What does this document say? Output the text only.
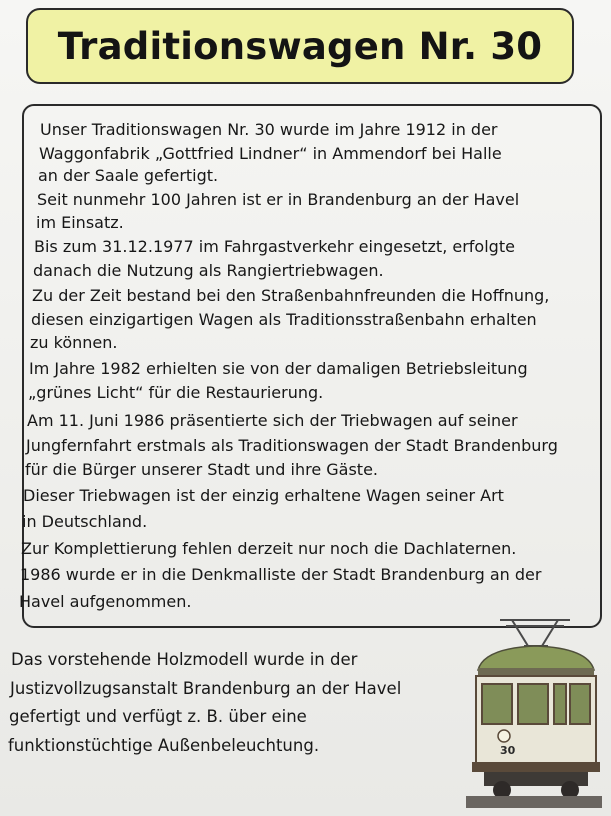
Traditionswagen Nr. 30
Unser Traditionswagen Nr. 30 wurde im Jahre 1912 in der
Waggonfabrik „Gottfried Lindner“ in Ammendorf bei Halle
an der Saale gefertigt.
Seit nunmehr 100 Jahren ist er in Brandenburg an der Havel
im Einsatz.
Bis zum 31.12.1977 im Fahrgastverkehr eingesetzt, erfolgte
danach die Nutzung als Rangiertriebwagen.
Zu der Zeit bestand bei den Straßenbahnfreunden die Hoffnung,
diesen einzigartigen Wagen als Traditionsstraßenbahn erhalten
zu können.
Im Jahre 1982 erhielten sie von der damaligen Betriebsleitung
„grünes Licht“ für die Restaurierung.
Am 11. Juni 1986 präsentierte sich der Triebwagen auf seiner
Jungfernfahrt erstmals als Traditionswagen der Stadt Brandenburg
für die Bürger unserer Stadt und ihre Gäste.
Dieser Triebwagen ist der einzig erhaltene Wagen seiner Art
in Deutschland.
Zur Komplettierung fehlen derzeit nur noch die Dachlaternen.
1986 wurde er in die Denkmalliste der Stadt Brandenburg an der
Havel aufgenommen.
Das vorstehende Holzmodell wurde in der
Justizvollzugsanstalt Brandenburg an der Havel
gefertigt und verfügt z. B. über eine
funktionstüchtige Außenbeleuchtung.	30
